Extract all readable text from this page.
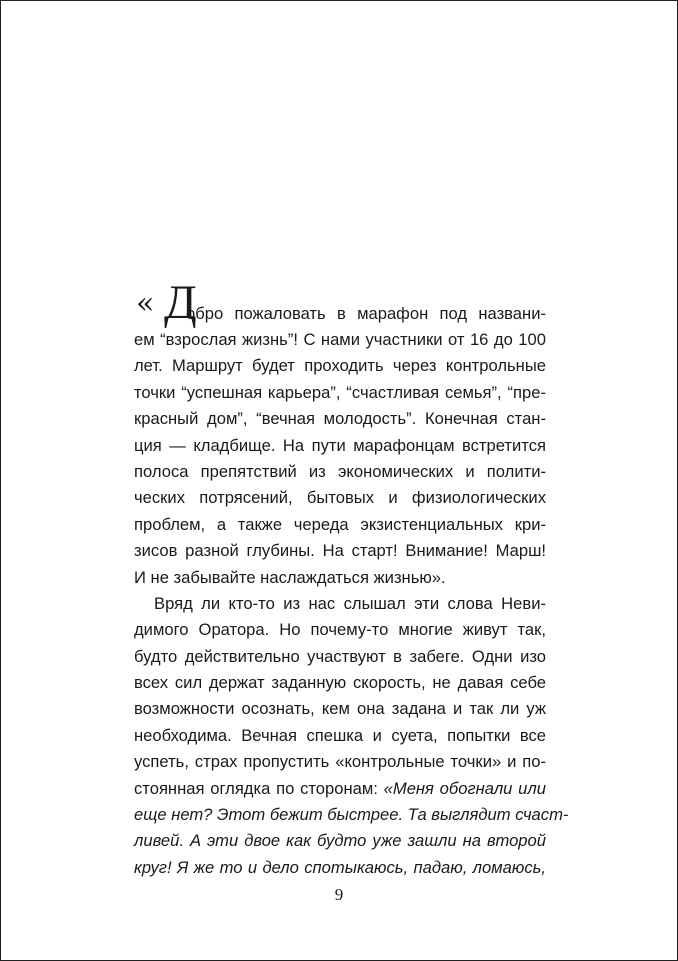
« Д
обро пожаловать в марафон под названи-
ем “взрослая жизнь”! С нами участники от 16 до 100
лет. Маршрут будет проходить через контрольные
точки “успешная карьера”, “счастливая семья”, “пре-
красный дом”, “вечная молодость”. Конечная стан-
ция — кладбище. На пути марафонцам встретится
полоса препятствий из экономических и полити-
ческих потрясений, бытовых и физиологических
проблем, а также череда экзистенциальных кри-
зисов разной глубины. На старт! Внимание! Марш!
И не забывайте наслаждаться жизнью».
Вряд ли кто-то из нас слышал эти слова Неви-
димого Оратора. Но почему-то многие живут так,
будто действительно участвуют в забеге. Одни изо
всех сил держат заданную скорость, не давая себе
возможности осознать, кем она задана и так ли уж
необходима. Вечная спешка и суета, попытки все
успеть, страх пропустить «контрольные точки» и по-
стоянная оглядка по сторонам: «Меня обогнали или
еще нет? Этот бежит быстрее. Та выглядит счаст-
ливей. А эти двое как будто уже зашли на второй
круг! Я же то и дело спотыкаюсь, падаю, ломаюсь,
9
